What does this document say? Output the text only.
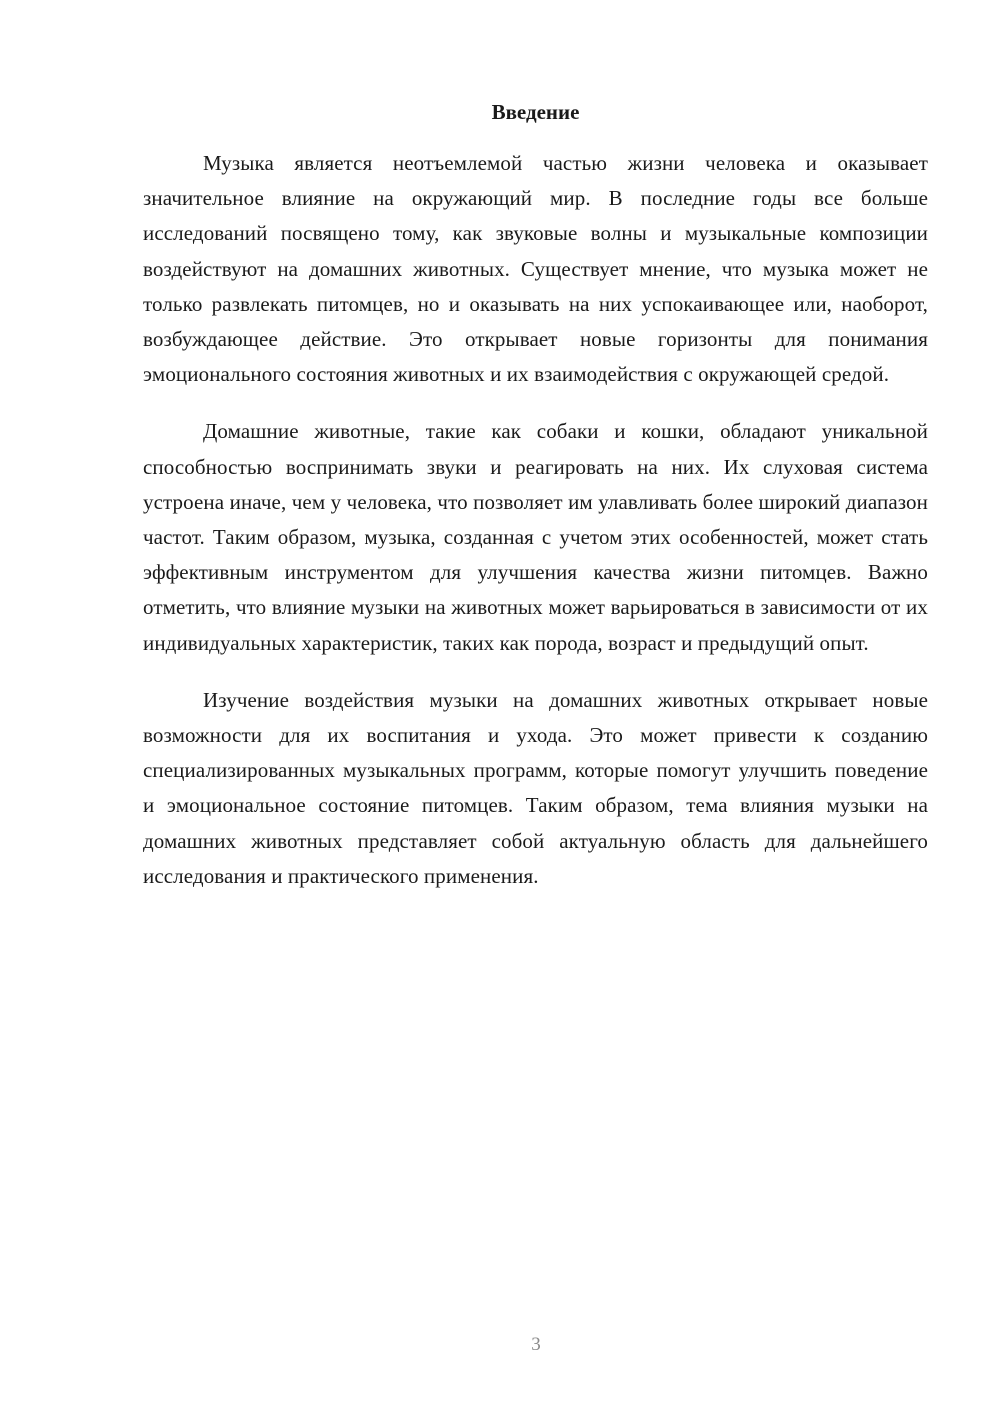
Введение

Музыка является неотъемлемой частью жизни человека и оказывает значительное влияние на окружающий мир. В последние годы все больше исследований посвящено тому, как звуковые волны и музыкальные композиции воздействуют на домашних животных. Существует мнение, что музыка может не только развлекать питомцев, но и оказывать на них успокаивающее или, наоборот, возбуждающее действие. Это открывает новые горизонты для понимания эмоционального состояния животных и их взаимодействия с окружающей средой.

Домашние животные, такие как собаки и кошки, обладают уникальной способностью воспринимать звуки и реагировать на них. Их слуховая система устроена иначе, чем у человека, что позволяет им улавливать более широкий диапазон частот. Таким образом, музыка, созданная с учетом этих особенностей, может стать эффективным инструментом для улучшения качества жизни питомцев. Важно отметить, что влияние музыки на животных может варьироваться в зависимости от их индивидуальных характеристик, таких как порода, возраст и предыдущий опыт.

Изучение воздействия музыки на домашних животных открывает новые возможности для их воспитания и ухода. Это может привести к созданию специализированных музыкальных программ, которые помогут улучшить поведение и эмоциональное состояние питомцев. Таким образом, тема влияния музыки на домашних животных представляет собой актуальную область для дальнейшего исследования и практического применения.

3
